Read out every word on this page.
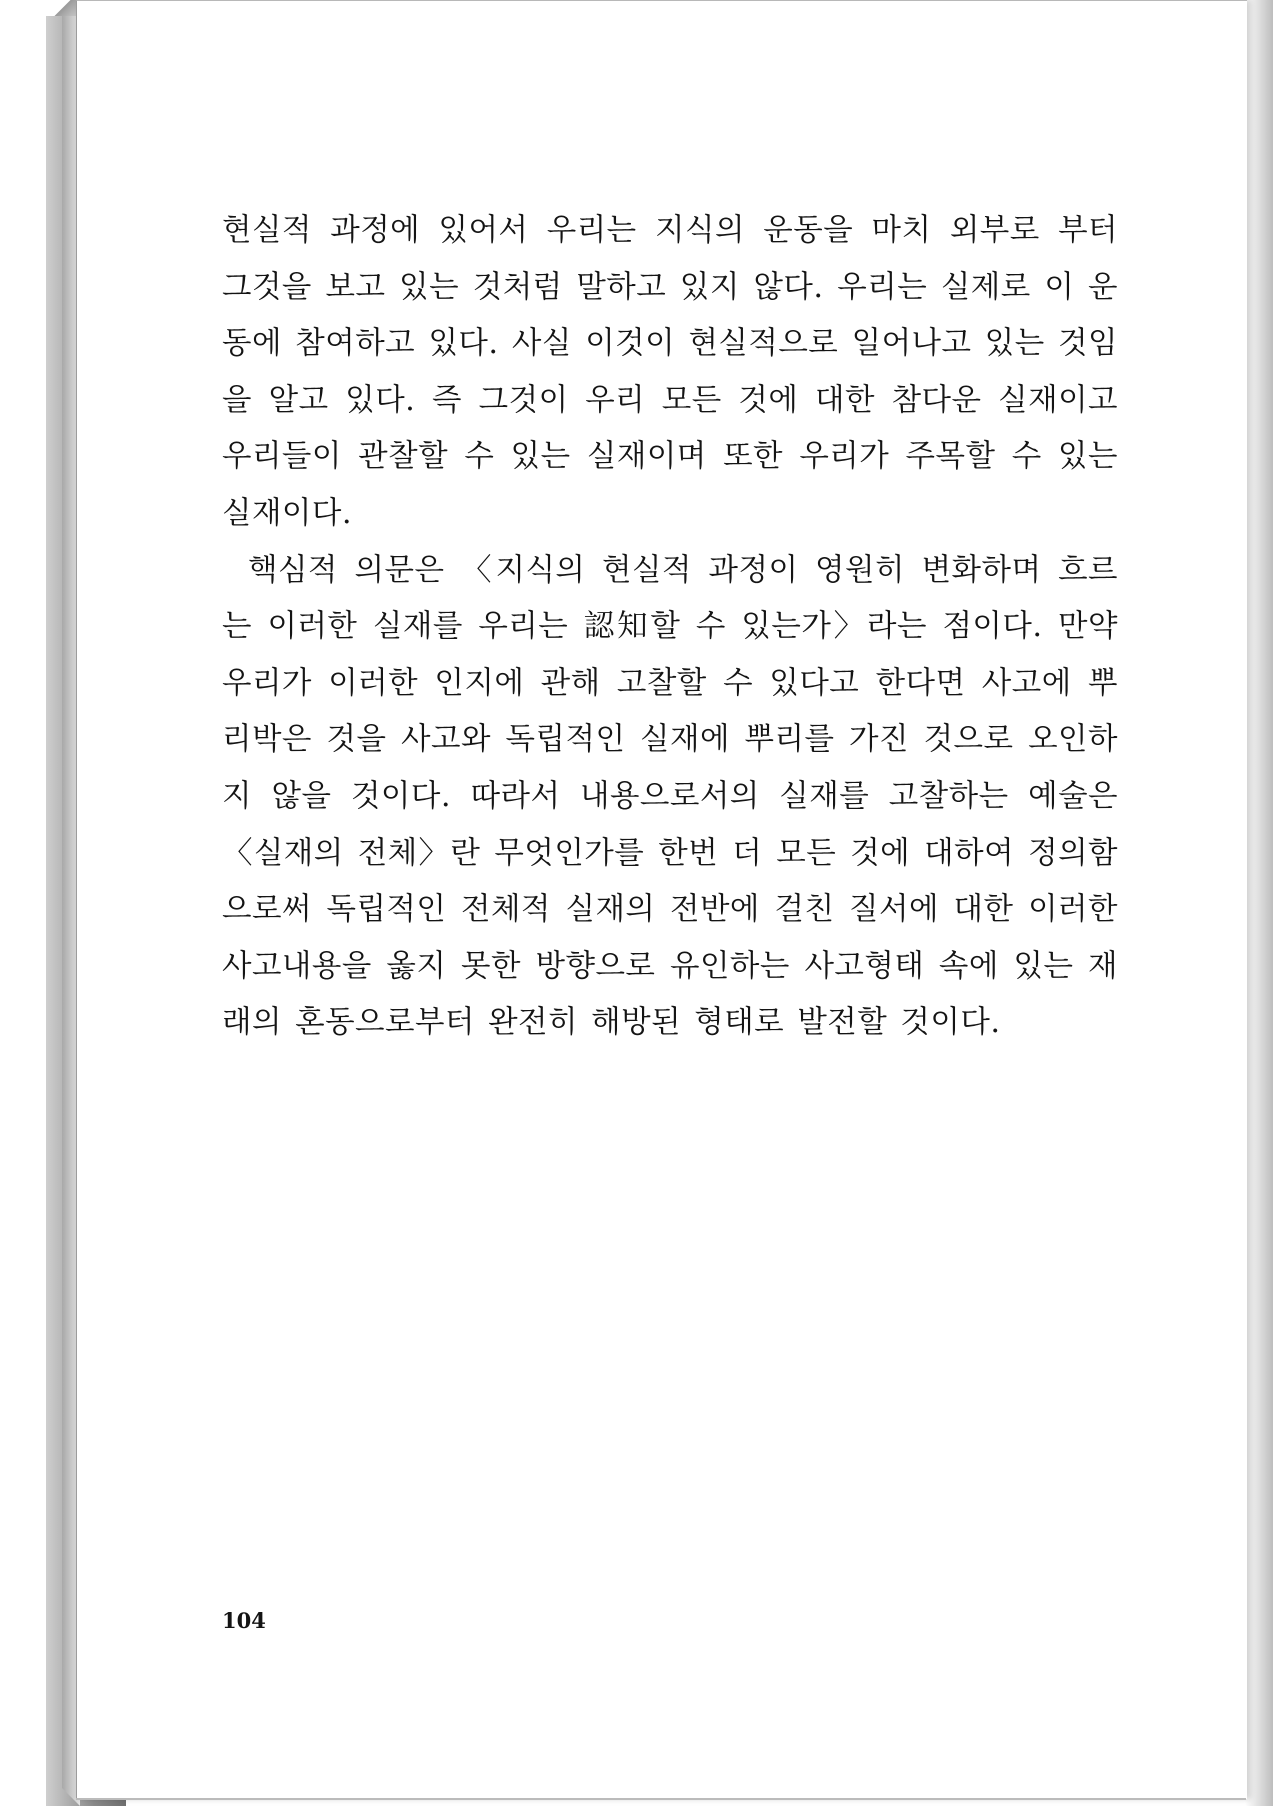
현실적 과정에 있어서 우리는 지식의 운동을 마치 외부로 부터 그것을 보고 있는 것처럼 말하고 있지 않다. 우리는 실제로 이 운동에 참여하고 있다. 사실 이것이 현실적으로 일어나고 있는 것임을 알고 있다. 즉 그것이 우리 모든 것에 대한 참다운 실재이고 우리들이 관찰할 수 있는 실재이며 또한 우리가 주목할 수 있는 실재이다.

핵심적 의문은 〈지식의 현실적 과정이 영원히 변화하며 흐르는 이러한 실재를 우리는 認知할 수 있는가〉라는 점이다. 만약 우리가 이러한 인지에 관해 고찰할 수 있다고 한다면 사고에 뿌리박은 것을 사고와 독립적인 실재에 뿌리를 가진 것으로 오인하지 않을 것이다. 따라서 내용으로서의 실재를 고찰하는 예술은 〈실재의 전체〉란 무엇인가를 한번 더 모든 것에 대하여 정의함으로써 독립적인 전체적 실재의 전반에 걸친 질서에 대한 이러한 사고내용을 옳지 못한 방향으로 유인하는 사고형태 속에 있는 재래의 혼동으로부터 완전히 해방된 형태로 발전할 것이다.

104
